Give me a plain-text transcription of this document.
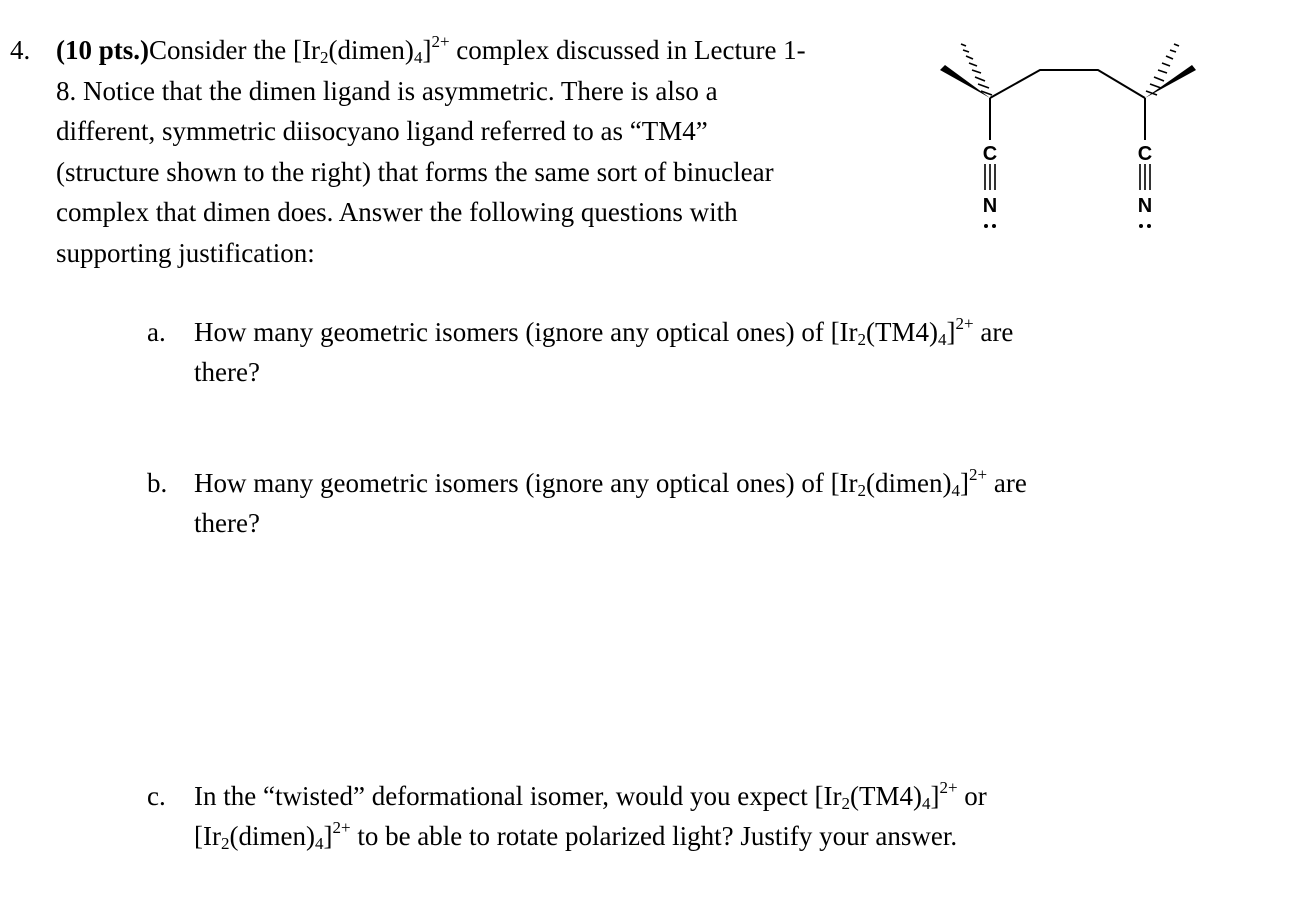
4. (10 pts.)Consider the $[Ir_2(dimen)_4]^{2+}$ complex discussed in Lecture 1-
8. Notice that the dimen ligand is asymmetric. There is also a
different, symmetric diisocyano ligand referred to as “TM4”
(structure shown to the right) that forms the same sort of binuclear
complex that dimen does. Answer the following questions with
supporting justification:
C	C
N	N
a. How many geometric isomers (ignore any optical ones) of $[Ir_2(TM4)_4]^{2+}$ are
there?
b. How many geometric isomers (ignore any optical ones) of $[Ir_2(dimen)_4]^{2+}$ are
there?
c. In the “twisted” deformational isomer, would you expect $[Ir_2(TM4)_4]^{2+}$ or
$[Ir_2(dimen)_4]^{2+}$ to be able to rotate polarized light? Justify your answer.
